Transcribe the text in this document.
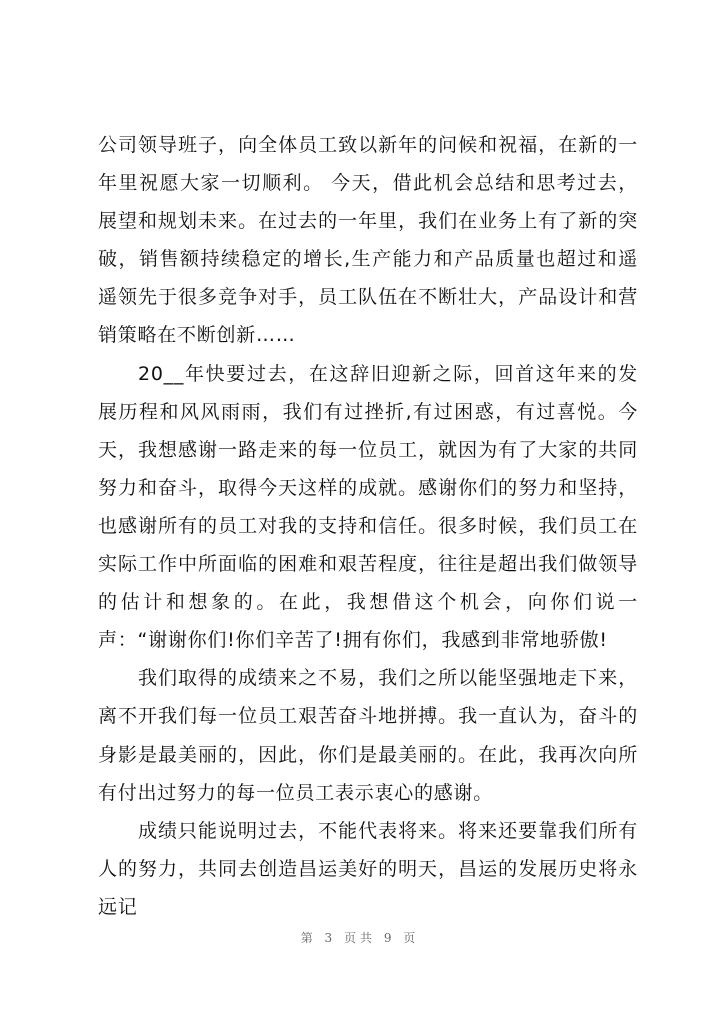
公司领导班子，向全体员工致以新年的问候和祝福，在新的一年里祝愿大家一切顺利。 今天，借此机会总结和思考过去，展望和规划未来。在过去的一年里，我们在业务上有了新的突破，销售额持续稳定的增长,生产能力和产品质量也超过和遥遥领先于很多竞争对手，员工队伍在不断壮大，产品设计和营销策略在不断创新……

20__年快要过去，在这辞旧迎新之际，回首这年来的发展历程和风风雨雨，我们有过挫折,有过困惑，有过喜悦。今天，我想感谢一路走来的每一位员工，就因为有了大家的共同努力和奋斗，取得今天这样的成就。感谢你们的努力和坚持，也感谢所有的员工对我的支持和信任。很多时候，我们员工在实际工作中所面临的困难和艰苦程度，往往是超出我们做领导的估计和想象的。在此，我想借这个机会，向你们说一声：“谢谢你们!你们辛苦了!拥有你们，我感到非常地骄傲!

我们取得的成绩来之不易，我们之所以能坚强地走下来，离不开我们每一位员工艰苦奋斗地拼搏。我一直认为，奋斗的身影是最美丽的，因此，你们是最美丽的。在此，我再次向所有付出过努力的每一位员工表示衷心的感谢。

成绩只能说明过去，不能代表将来。将来还要靠我们所有人的努力，共同去创造昌运美好的明天，昌运的发展历史将永远记

第 3 页共 9 页
